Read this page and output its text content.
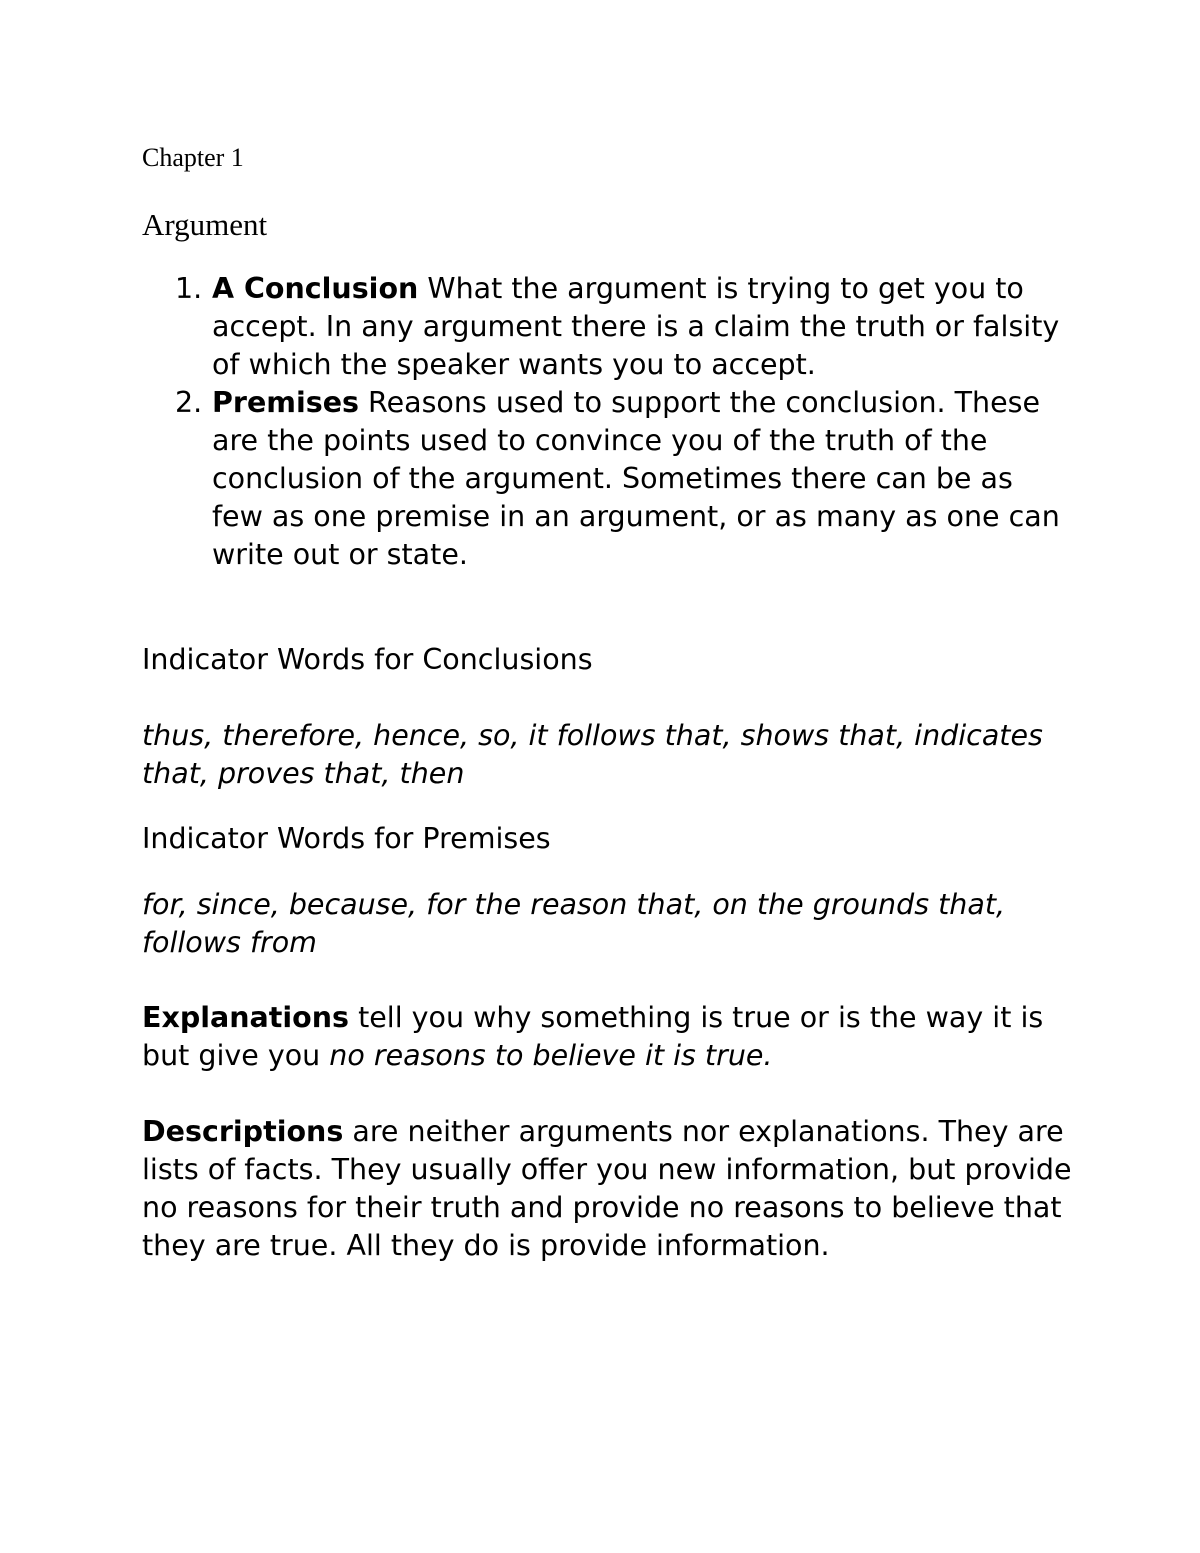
Chapter 1
Argument
1. A Conclusion What the argument is trying to get you to accept. In any argument there is a claim the truth or falsity of which the speaker wants you to accept.
2. Premises Reasons used to support the conclusion. These are the points used to convince you of the truth of the conclusion of the argument. Sometimes there can be as few as one premise in an argument, or as many as one can write out or state.
Indicator Words for Conclusions
thus, therefore, hence, so, it follows that, shows that, indicates that, proves that, then
Indicator Words for Premises
for, since, because, for the reason that, on the grounds that, follows from
Explanations tell you why something is true or is the way it is but give you no reasons to believe it is true.
Descriptions are neither arguments nor explanations. They are lists of facts. They usually offer you new information, but provide no reasons for their truth and provide no reasons to believe that they are true. All they do is provide information.
